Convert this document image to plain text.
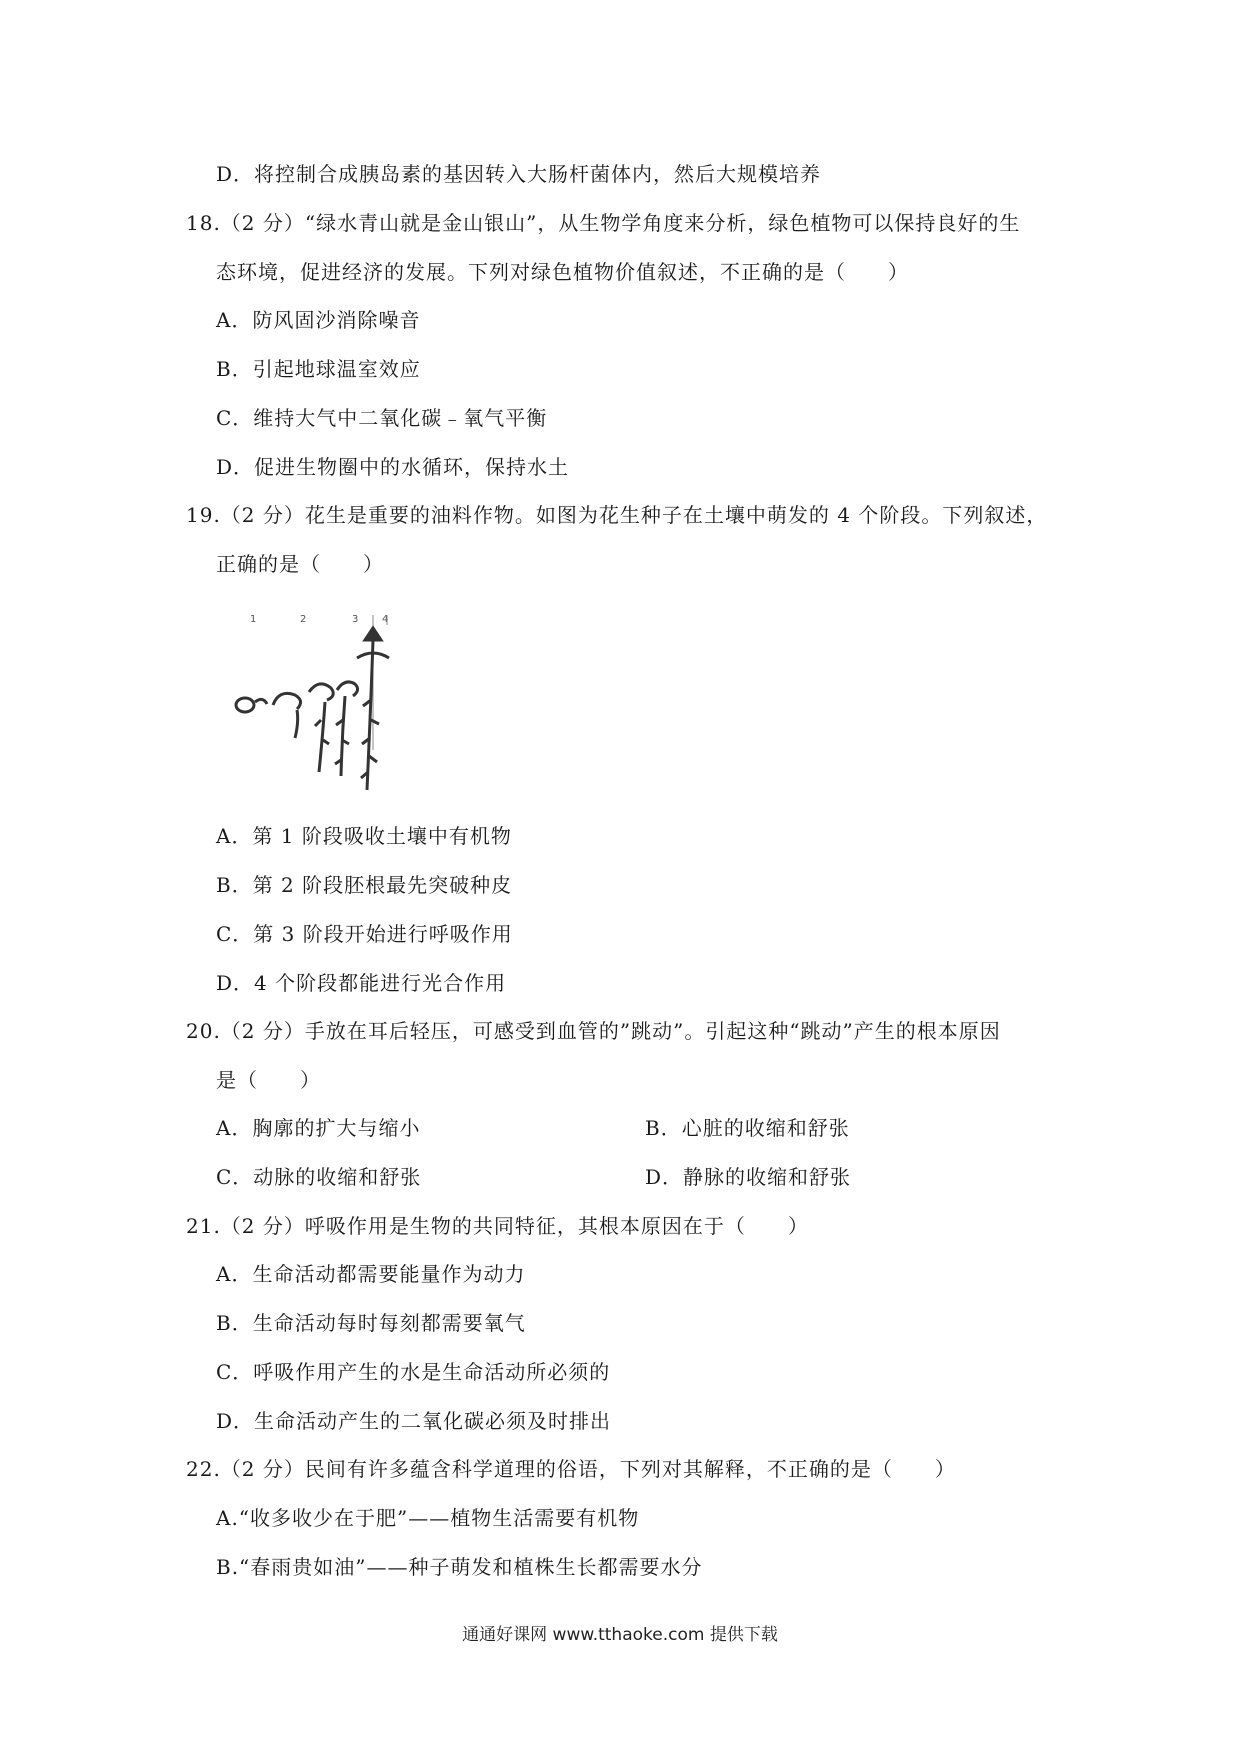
D．将控制合成胰岛素的基因转入大肠杆菌体内，然后大规模培养
18.（2 分）“绿水青山就是金山银山”，从生物学角度来分析，绿色植物可以保持良好的生
态环境，促进经济的发展。下列对绿色植物价值叙述，不正确的是（　　）
A．防风固沙消除噪音
B．引起地球温室效应
C．维持大气中二氧化碳﹣氧气平衡
D．促进生物圈中的水循环，保持水土
19.（2 分）花生是重要的油料作物。如图为花生种子在土壤中萌发的 4 个阶段。下列叙述，
正确的是（　　）
1	2	3 4
A．第 1 阶段吸收土壤中有机物
B．第 2 阶段胚根最先突破种皮
C．第 3 阶段开始进行呼吸作用
D．4 个阶段都能进行光合作用
20.（2 分）手放在耳后轻压，可感受到血管的”跳动”。引起这种“跳动”产生的根本原因
是（　　）
A．胸廓的扩大与缩小	B．心脏的收缩和舒张
C．动脉的收缩和舒张	D．静脉的收缩和舒张
21.（2 分）呼吸作用是生物的共同特征，其根本原因在于（　　）
A．生命活动都需要能量作为动力
B．生命活动每时每刻都需要氧气
C．呼吸作用产生的水是生命活动所必须的
D．生命活动产生的二氧化碳必须及时排出
22.（2 分）民间有许多蕴含科学道理的俗语，下列对其解释，不正确的是（　　）
A.“收多收少在于肥”——植物生活需要有机物
B.“春雨贵如油”——种子萌发和植株生长都需要水分
通通好课网 www.tthaoke.com 提供下载
